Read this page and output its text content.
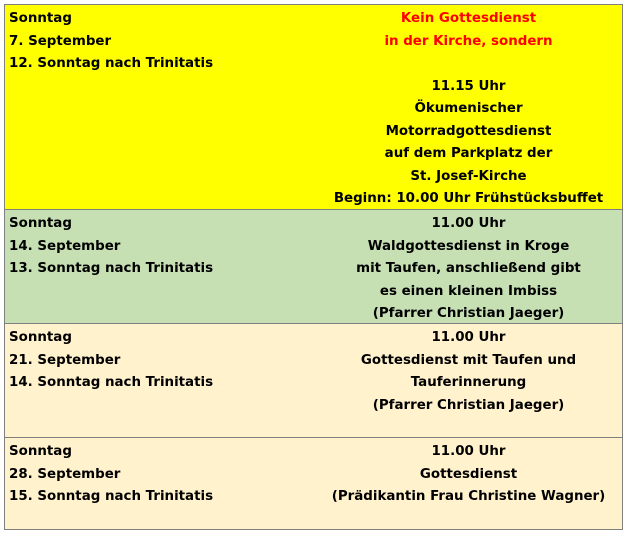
Sonntag
7. September
12. Sonntag nach Trinitatis
Kein Gottesdienst
in der Kirche, sondern
11.15 Uhr
Ökumenischer
Motorradgottesdienst
auf dem Parkplatz der
St. Josef-Kirche
Beginn: 10.00 Uhr Frühstücksbuffet
Sonntag
14. September
13. Sonntag nach Trinitatis
11.00 Uhr
Waldgottesdienst in Kroge
mit Taufen, anschließend gibt
es einen kleinen Imbiss
(Pfarrer Christian Jaeger)
Sonntag
21. September
14. Sonntag nach Trinitatis
11.00 Uhr
Gottesdienst mit Taufen und
Tauferinnerung
(Pfarrer Christian Jaeger)
Sonntag
28. September
15. Sonntag nach Trinitatis
11.00 Uhr
Gottesdienst
(Prädikantin Frau Christine Wagner)
